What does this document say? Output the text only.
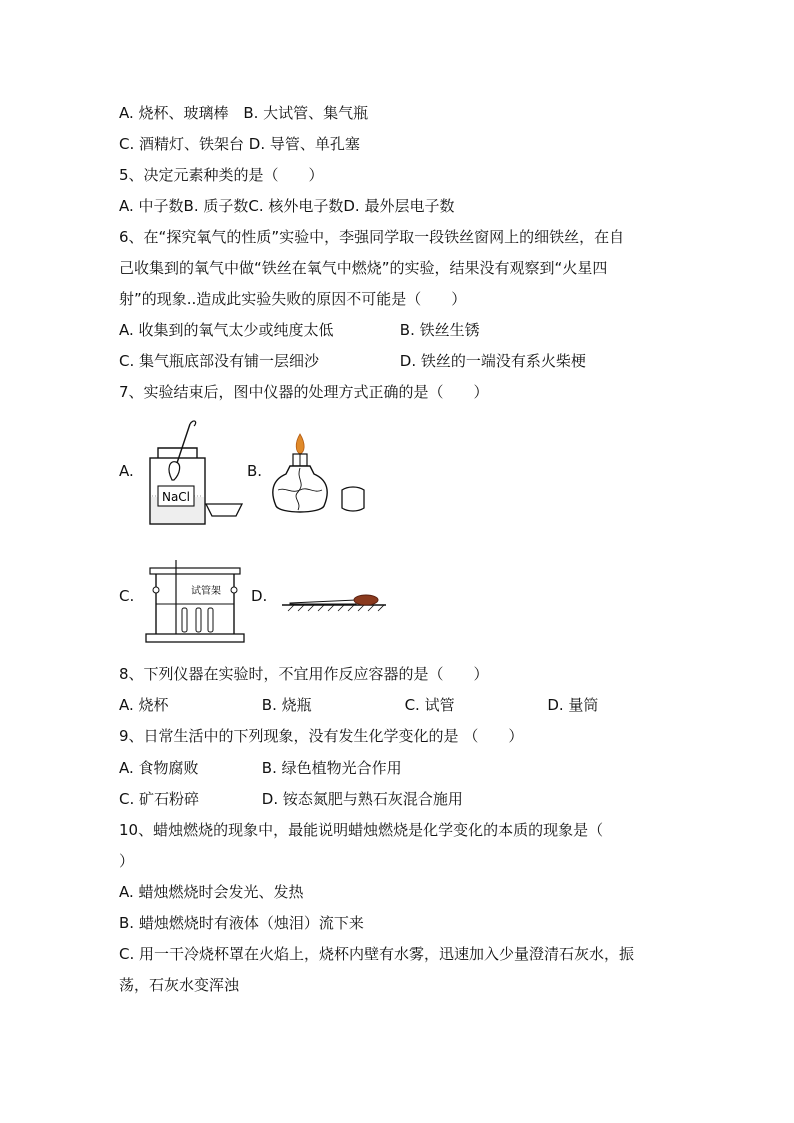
A. 烧杯、玻璃棒 B. 大试管、集气瓶
C. 酒精灯、铁架台 D. 导管、单孔塞
5、决定元素种类的是（　　）
A. 中子数B. 质子数C. 核外电子数D. 最外层电子数
6、在“探究氧气的性质”实验中，李强同学取一段铁丝窗网上的细铁丝，在自
己收集到的氧气中做“铁丝在氧气中燃烧”的实验，结果没有观察到“火星四
射”的现象..造成此实验失败的原因不可能是（　　）
A. 收集到的氧气太少或纯度太低	B. 铁丝生锈
C. 集气瓶底部没有铺一层细沙	D. 铁丝的一端没有系火柴梗
7、实验结束后，图中仪器的处理方式正确的是（　　）
A.
NaCl
B.
C.	试管架 D.
8、下列仪器在实验时，不宜用作反应容器的是（　　）
A. 烧杯	B. 烧瓶	C. 试管	D. 量筒
9、日常生活中的下列现象，没有发生化学变化的是 （　　）
A. 食物腐败	B. 绿色植物光合作用
C. 矿石粉碎	D. 铵态氮肥与熟石灰混合施用
10、蜡烛燃烧的现象中，最能说明蜡烛燃烧是化学变化的本质的现象是（
）
A. 蜡烛燃烧时会发光、发热
B. 蜡烛燃烧时有液体（烛泪）流下来
C. 用一干冷烧杯罩在火焰上，烧杯内壁有水雾，迅速加入少量澄清石灰水，振
荡，石灰水变浑浊
